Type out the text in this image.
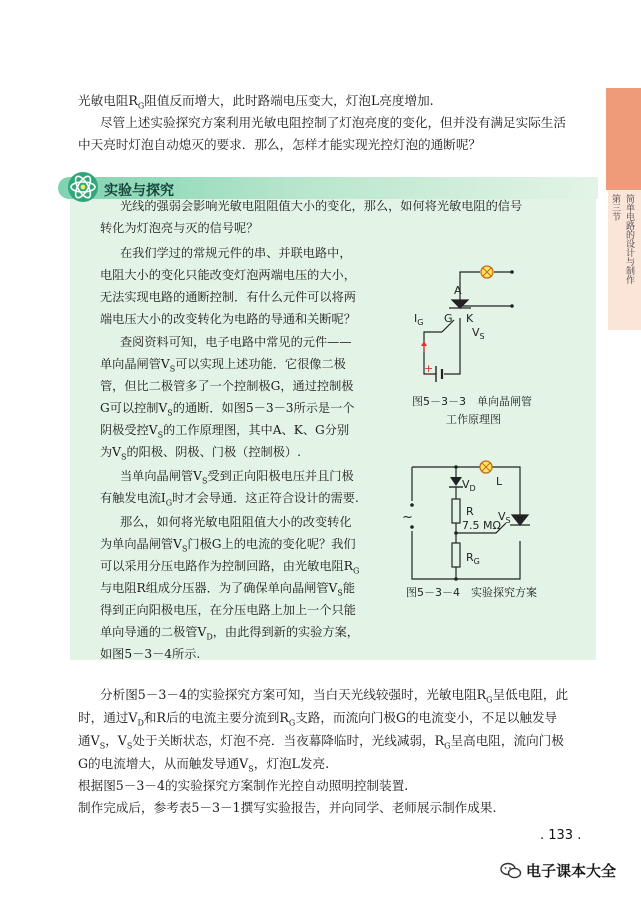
第三节 简单电路的设计与制作
光敏电阻$R_G$阻值反而增大，此时路端电压变大，灯泡L亮度增加.
尽管上述实验探究方案利用光敏电阻控制了灯泡亮度的变化，但并没有满足实际生活
中天亮时灯泡自动熄灭的要求．那么，怎样才能实现光控灯泡的通断呢？
实验与探究
光线的强弱会影响光敏电阻阻值大小的变化，那么，如何将光敏电阻的信号
转化为灯泡亮与灭的信号呢？
在我们学过的常规元件的串、并联电路中，
电阻大小的变化只能改变灯泡两端电压的大小，
无法实现电路的通断控制．有什么元件可以将两
端电压大小的改变转化为电路的导通和关断呢？
查阅资料可知，电子电路中常见的元件——
单向晶闸管$V_S$可以实现上述功能．它很像二极
管，但比二极管多了一个控制极G，通过控制极
G可以控制$V_S$的通断．如图5－3－3所示是一个
阴极受控$V_S$的工作原理图，其中A、K、G分别
为$V_S$的阳极、阴极、门极（控制极）.
当单向晶闸管$V_S$受到正向阳极电压并且门极
有触发电流$I_G$时才会导通．这正符合设计的需要.
那么，如何将光敏电阻阻值大小的改变转化
为单向晶闸管$V_S$门极G上的电流的变化呢？我们
可以采用分压电路作为控制回路，由光敏电阻$R_G$
与电阻R组成分压器．为了确保单向晶闸管$V_S$能
得到正向阳极电压，在分压电路上加上一个只能
单向导通的二极管$V_D$，由此得到新的实验方案，
如图5－3－4所示.
A
G K
$I_G$
$V_S$
+
图5－3－3　单向晶闸管
工作原理图
$V_D$
L
R
7.5 MΩ
$V_S$
$R_G$
~
图5－3－4　实验探究方案
分析图5－3－4的实验探究方案可知，当白天光线较强时，光敏电阻$R_G$呈低电阻，此
时，通过$V_D$和R后的电流主要分流到$R_G$支路，而流向门极G的电流变小，不足以触发导
通$V_S$，$V_S$处于关断状态，灯泡不亮．当夜幕降临时，光线减弱，$R_G$呈高电阻，流向门极
G的电流增大，从而触发导通$V_S$，灯泡L发亮.
根据图5－3－4的实验探究方案制作光控自动照明控制装置.
制作完成后，参考表5－3－1撰写实验报告，并向同学、老师展示制作成果.
. 133 .
电子课本大全
